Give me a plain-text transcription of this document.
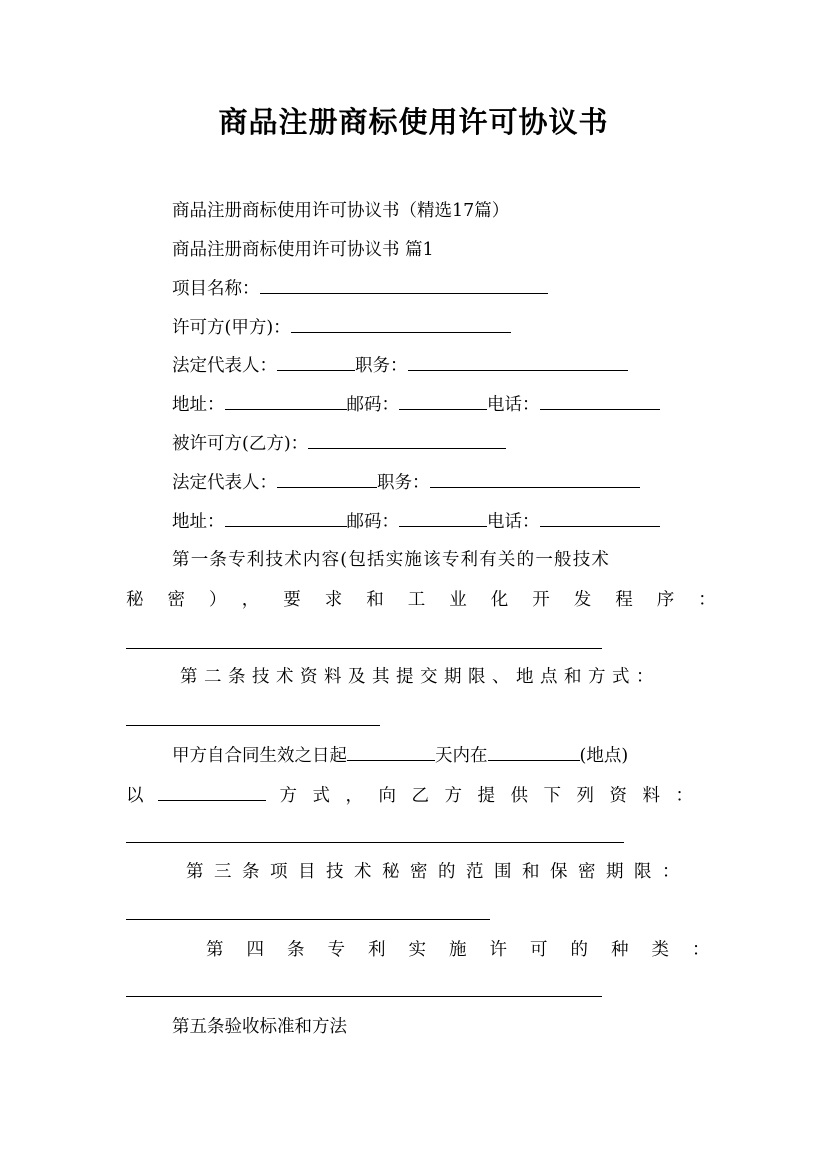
商品注册商标使用许可协议书
商品注册商标使用许可协议书（精选17篇）
商品注册商标使用许可协议书 篇1
项目名称：
许可方(甲方)：
法定代表人：	职务：
地址：	邮码：	电话：
被许可方(乙方)：
法定代表人：	职务：
地址：	邮码：	电话：
第一条专利技术内容(包括实施该专利有关的一般技术
秘密），要求和工业化开发程序：
第二条技术资料及其提交期限、地点和方式：
甲方自合同生效之日起	天内在	(地点)
以	方式，向乙方提供下列资料：
第三条项目技术秘密的范围和保密期限：
第四条专利实施许可的种类：
第五条验收标准和方法
